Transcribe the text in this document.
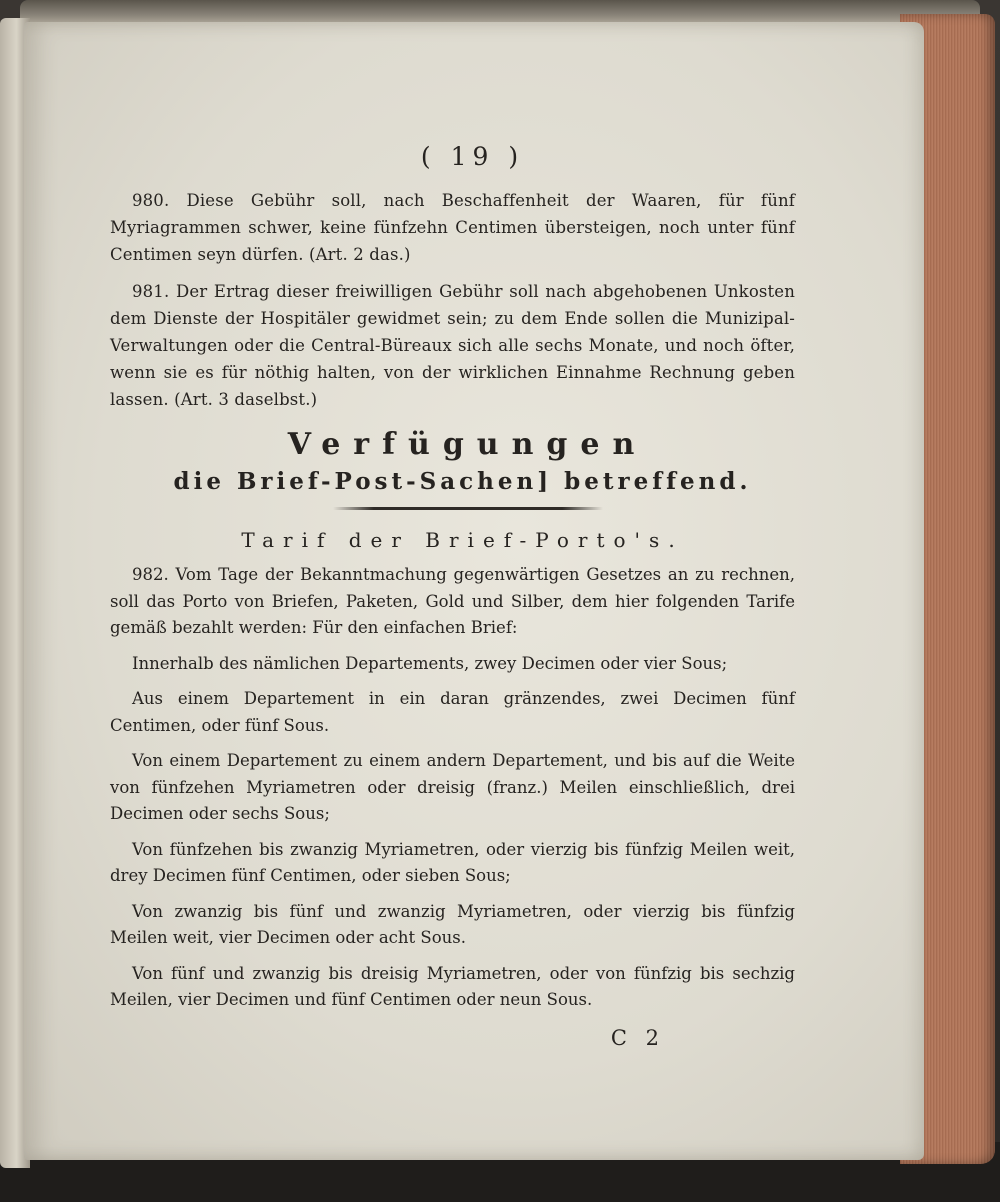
( 19 )

980. Diese Gebühr soll, nach Beschaffenheit der Waaren, für fünf Myriagrammen schwer, keine fünfzehn Centimen übersteigen, noch unter fünf Centimen seyn dürfen. (Art. 2 das.)

981. Der Ertrag dieser freiwilligen Gebühr soll nach abgehobenen Unkosten dem Dienste der Hospitäler gewidmet sein; zu dem Ende sollen die Munizipal-Verwaltungen oder die Central-Büreaux sich alle sechs Monate, und noch öfter, wenn sie es für nöthig halten, von der wirklichen Einnahme Rechnung geben lassen. (Art. 3 daselbst.)

Verfügungen
die Brief-Post-Sachen] betreffend.
Tarif der Brief-Porto's.

982. Vom Tage der Bekanntmachung gegenwärtigen Gesetzes an zu rechnen, soll das Porto von Briefen, Paketen, Gold und Silber, dem hier folgenden Tarife gemäß bezahlt werden: Für den einfachen Brief:

Innerhalb des nämlichen Departements, zwey Decimen oder vier Sous;

Aus einem Departement in ein daran gränzendes, zwei Decimen fünf Centimen, oder fünf Sous.

Von einem Departement zu einem andern Departement, und bis auf die Weite von fünfzehen Myriametren oder dreisig (franz.) Meilen einschließlich, drei Decimen oder sechs Sous;

Von fünfzehen bis zwanzig Myriametren, oder vierzig bis fünfzig Meilen weit, drey Decimen fünf Centimen, oder sieben Sous;

Von zwanzig bis fünf und zwanzig Myriametren, oder vierzig bis fünfzig Meilen weit, vier Decimen oder acht Sous.

Von fünf und zwanzig bis dreisig Myriametren, oder von fünfzig bis sechzig Meilen, vier Decimen und fünf Centimen oder neun Sous.

C 2
